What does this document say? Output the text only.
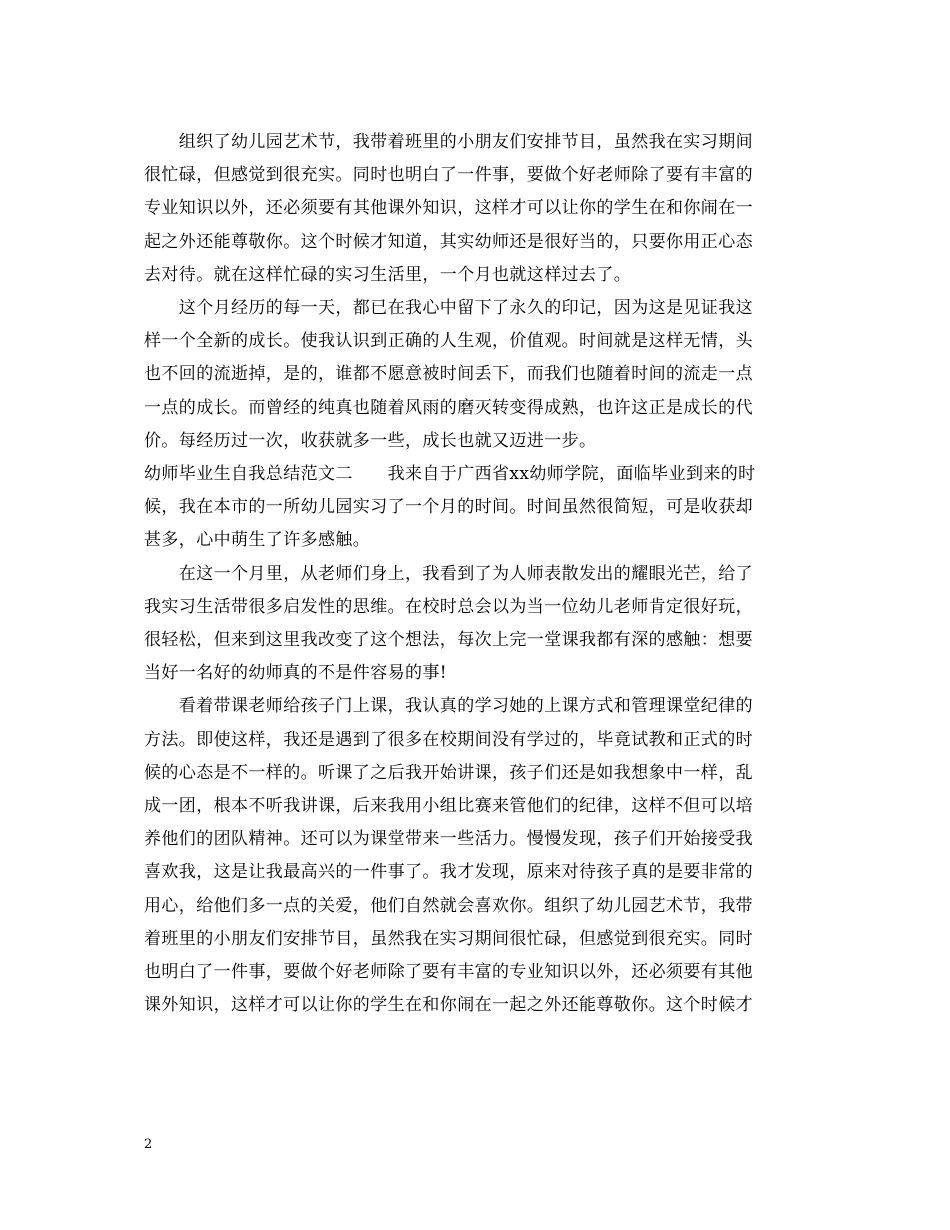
　　组织了幼儿园艺术节，我带着班里的小朋友们安排节目，虽然我在实习期间
很忙碌，但感觉到很充实。同时也明白了一件事，要做个好老师除了要有丰富的
专业知识以外，还必须要有其他课外知识，这样才可以让你的学生在和你闹在一
起之外还能尊敬你。这个时候才知道，其实幼师还是很好当的，只要你用正心态
去对待。就在这样忙碌的实习生活里，一个月也就这样过去了。
　　这个月经历的每一天，都已在我心中留下了永久的印记，因为这是见证我这
样一个全新的成长。使我认识到正确的人生观，价值观。时间就是这样无情，头
也不回的流逝掉，是的，谁都不愿意被时间丢下，而我们也随着时间的流走一点
一点的成长。而曾经的纯真也随着风雨的磨灭转变得成熟，也许这正是成长的代
价。每经历过一次，收获就多一些，成长也就又迈进一步。
幼师毕业生自我总结范文二　　我来自于广西省xx幼师学院，面临毕业到来的时
候，我在本市的一所幼儿园实习了一个月的时间。时间虽然很简短，可是收获却
甚多，心中萌生了许多感触。
　　在这一个月里，从老师们身上，我看到了为人师表散发出的耀眼光芒，给了
我实习生活带很多启发性的思维。在校时总会以为当一位幼儿老师肯定很好玩，
很轻松，但来到这里我改变了这个想法，每次上完一堂课我都有深的感触：想要
当好一名好的幼师真的不是件容易的事!
　　看着带课老师给孩子门上课，我认真的学习她的上课方式和管理课堂纪律的
方法。即使这样，我还是遇到了很多在校期间没有学过的，毕竟试教和正式的时
候的心态是不一样的。听课了之后我开始讲课，孩子们还是如我想象中一样，乱
成一团，根本不听我讲课，后来我用小组比赛来管他们的纪律，这样不但可以培
养他们的团队精神。还可以为课堂带来一些活力。慢慢发现，孩子们开始接受我
喜欢我，这是让我最高兴的一件事了。我才发现，原来对待孩子真的是要非常的
用心，给他们多一点的关爱，他们自然就会喜欢你。组织了幼儿园艺术节，我带
着班里的小朋友们安排节目，虽然我在实习期间很忙碌，但感觉到很充实。同时
也明白了一件事，要做个好老师除了要有丰富的专业知识以外，还必须要有其他
课外知识，这样才可以让你的学生在和你闹在一起之外还能尊敬你。这个时候才
2
